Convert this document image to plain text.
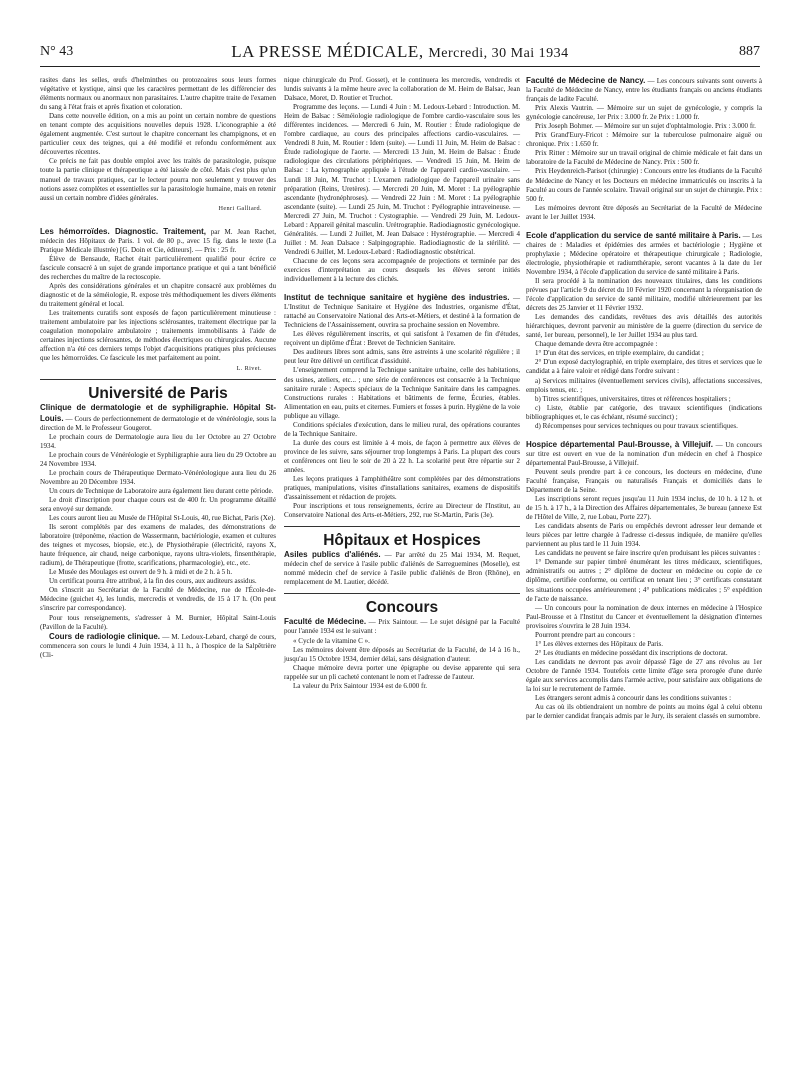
N° 43	LA PRESSE MÉDICALE, Mercredi, 30 Mai 1934	887

rasites dans les selles, œufs d'helminthes ou protozoaires sous leurs formes végétative et kystique, ainsi que les caractères permettant de les différencier des éléments normaux ou anormaux non parasitaires. L'autre chapitre traite de l'examen du sang à l'état frais et après fixation et coloration.

Dans cette nouvelle édition, on a mis au point un certain nombre de questions en tenant compte des acquisitions nouvelles depuis 1928. L'iconographie a été également augmentée. C'est surtout le chapitre concernant les champignons, et en particulier ceux des teignes, qui a été modifié et refondu conformément aux découvertes récentes.

Ce précis ne fait pas double emploi avec les traités de parasitologie, puisque toute la partie clinique et thérapeutique a été laissée de côté. Mais c'est plus qu'un manuel de travaux pratiques, car le lecteur pourra non seulement y trouver des notions assez complètes et essentielles sur la parasitologie humaine, mais en retenir aussi un certain nombre d'idées générales.

Henri Galliard.

Les hémorroïdes. Diagnostic. Traitement, par M. Jean Rachet, médecin des Hôpitaux de Paris. 1 vol. de 80 p., avec 15 fig. dans le texte (La Pratique Médicale illustrée) [G. Doin et Cie, éditeurs]. — Prix : 25 fr.

Élève de Bensaude, Rachet était particulièrement qualifié pour écrire ce fascicule consacré à un sujet de grande importance pratique et qui a tant bénéficié des recherches du maître de la rectoscopie.

Après des considérations générales et un chapitre consacré aux problèmes du diagnostic et de la séméiologie, R. expose très méthodiquement les divers éléments du traitement général et local.

Les traitements curatifs sont exposés de façon particulièrement minutieuse : traitement ambulatoire par les injections sclérosantes, traitement électrique par la coagulation monopolaire ambulatoire ; traitements immobilisants à l'aide de certaines injections sclérosantes, de méthodes électriques ou chirurgicales. Aucune affection n'a été ces derniers temps l'objet d'acquisitions pratiques plus précieuses que les hémorroïdes. Ce fascicule les met parfaitement au point.

L. Rivet.

Université de Paris

Clinique de dermatologie et de syphiligraphie. Hôpital St-Louis. — Cours de perfectionnement de dermatologie et de vénéréologie, sous la direction de M. le Professeur Gougerot.

Le prochain cours de Dermatologie aura lieu du 1er Octobre au 27 Octobre 1934.

Le prochain cours de Vénéréologie et Syphiligraphie aura lieu du 29 Octobre au 24 Novembre 1934.

Le prochain cours de Thérapeutique Dermato-Vénéréologique aura lieu du 26 Novembre au 20 Décembre 1934.

Un cours de Technique de Laboratoire aura également lieu durant cette période.

Le droit d'inscription pour chaque cours est de 400 fr. Un programme détaillé sera envoyé sur demande.

Les cours auront lieu au Musée de l'Hôpital St-Louis, 40, rue Bichat, Paris (Xe).

Ils seront complétés par des examens de malades, des démonstrations de laboratoire (tréponème, réaction de Wassermann, bactériologie, examen et cultures des teignes et mycoses, biopsie, etc.), de Physiothérapie (électricité, rayons X, haute fréquence, air chaud, neige carbonique, rayons ultra-violets, finsenthérapie, radium), de Thérapeutique (frotte, scarifications, pharmacologie), etc., etc.

Le Musée des Moulages est ouvert de 9 h. à midi et de 2 h. à 5 h.

Un certificat pourra être attribué, à la fin des cours, aux auditeurs assidus.

On s'inscrit au Secrétariat de la Faculté de Médecine, rue de l'École-de-Médecine (guichet 4), les lundis, mercredis et vendredis, de 15 à 17 h. (On peut s'inscrire par correspondance).

Pour tous renseignements, s'adresser à M. Burnier, Hôpital Saint-Louis (Pavillon de la Faculté).

Cours de radiologie clinique. — M. Ledoux-Lebard, chargé de cours, commencera son cours le lundi 4 Juin 1934, à 11 h., à l'hospice de la Salpêtrière (Cli-

nique chirurgicale du Prof. Gosset), et le continuera les mercredis, vendredis et lundis suivants à la même heure avec la collaboration de M. Heim de Balsac, Jean Dalsace, Moret, D. Routier et Truchot.

Programme des leçons. — Lundi 4 Juin : M. Ledoux-Lebard : Introduction. M. Heim de Balsac : Séméiologie radiologique de l'ombre cardio-vasculaire sous les différentes incidences. — Mercredi 6 Juin, M. Routier : Étude radiologique de l'ombre cardiaque, au cours des principales affections cardio-vasculaires. — Vendredi 8 Juin, M. Routier : Idem (suite). — Lundi 11 Juin, M. Heim de Balsac : Étude radiologique de l'aorte. — Mercredi 13 Juin, M. Heim de Balsac : Étude radiologique des circulations périphériques. — Vendredi 15 Juin, M. Heim de Balsac : La kymographie appliquée à l'étude de l'appareil cardio-vasculaire. — Lundi 18 Juin, M. Truchot : L'examen radiologique de l'appareil urinaire sans préparation (Reins, Uretères). — Mercredi 20 Juin, M. Moret : La pyélographie ascendante (hydronéphroses). — Vendredi 22 Juin : M. Moret : La pyélographie ascendante (suite). — Lundi 25 Juin, M. Truchot : Pyélographie intraveineuse. — Mercredi 27 Juin, M. Truchot : Cystographie. — Vendredi 29 Juin, M. Ledoux-Lebard : Appareil génital masculin. Urétrographie. Radiodiagnostic gynécologique. Généralités. — Lundi 2 Juillet, M. Jean Dalsace : Hystérographie. — Mercredi 4 Juillet : M. Jean Dalsace : Salpingographie. Radiodiagnostic de la stérilité. — Vendredi 6 Juillet, M. Ledoux-Lebard : Radiodiagnostic obstétrical.

Chacune de ces leçons sera accompagnée de projections et terminée par des exercices d'interprétation au cours desquels les élèves seront initiés individuellement à la lecture des clichés.

Institut de technique sanitaire et hygiène des industries. — L'Institut de Technique Sanitaire et Hygiène des Industries, organisme d'État, rattaché au Conservatoire National des Arts-et-Métiers, et destiné à la formation de Techniciens de l'Assainissement, ouvrira sa prochaine session en Novembre.

Les élèves régulièrement inscrits, et qui satisfont à l'examen de fin d'études, reçoivent un diplôme d'État : Brevet de Technicien Sanitaire.

Des auditeurs libres sont admis, sans être astreints à une scolarité régulière ; il peut leur être délivré un certificat d'assiduité.

L'enseignement comprend la Technique sanitaire urbaine, celle des habitations, des usines, ateliers, etc... ; une série de conférences est consacrée à la Technique sanitaire rurale : Aspects spéciaux de la Technique Sanitaire dans les campagnes. Constructions rurales : Habitations et bâtiments de ferme, Écuries, étables. Alimentation en eau, puits et citernes. Fumiers et fosses à purin. Hygiène de la voie publique au village.

Conditions spéciales d'exécution, dans le milieu rural, des opérations courantes de la Technique Sanitaire.

La durée des cours est limitée à 4 mois, de façon à permettre aux élèves de province de les suivre, sans séjourner trop longtemps à Paris. La plupart des cours et conférences ont lieu le soir de 20 à 22 h. La scolarité peut être répartie sur 2 années.

Les leçons pratiques à l'amphithéâtre sont complétées par des démonstrations pratiques, manipulations, visites d'installations sanitaires, examens de dispositifs d'assainissement et rédaction de projets.

Pour inscriptions et tous renseignements, écrire au Directeur de l'Institut, au Conservatoire National des Arts-et-Métiers, 292, rue St-Martin, Paris (3e).

Hôpitaux et Hospices

Asiles publics d'aliénés. — Par arrêté du 25 Mai 1934, M. Requet, médecin chef de service à l'asile public d'aliénés de Sarreguemines (Moselle), est nommé médecin chef de service à l'asile public d'aliénés de Bron (Rhône), en remplacement de M. Lautier, décédé.

Concours

Faculté de Médecine. — Prix Saintour. — Le sujet désigné par la Faculté pour l'année 1934 est le suivant :

« Cycle de la vitamine C ».

Les mémoires doivent être déposés au Secrétariat de la Faculté, de 14 à 16 h., jusqu'au 15 Octobre 1934, dernier délai, sans désignation d'auteur.

Chaque mémoire devra porter une épigraphe ou devise apparente qui sera rappelée sur un pli cacheté contenant le nom et l'adresse de l'auteur.

La valeur du Prix Saintour 1934 est de 6.000 fr.

Faculté de Médecine de Nancy. — Les concours suivants sont ouverts à la Faculté de Médecine de Nancy, entre les étudiants français ou anciens étudiants français de ladite Faculté.

Prix Alexis Vautrin. — Mémoire sur un sujet de gynécologie, y compris la gynécologie cancéreuse, 1er Prix : 3.000 fr. 2e Prix : 1.000 fr.

Prix Joseph Bohmer. — Mémoire sur un sujet d'ophtalmologie. Prix : 3.000 fr.

Prix Grand'Eury-Fricot : Mémoire sur la tuberculose pulmonaire aiguë ou chronique. Prix : 1.650 fr.

Prix Ritter : Mémoire sur un travail original de chimie médicale et fait dans un laboratoire de la Faculté de Médecine de Nancy. Prix : 500 fr.

Prix Heydenreich-Parisot (chirurgie) : Concours entre les étudiants de la Faculté de Médecine de Nancy et les Docteurs en médecine immatriculés ou inscrits à la Faculté au cours de l'année scolaire. Travail original sur un sujet de chirurgie. Prix : 500 fr.

Les mémoires devront être déposés au Secrétariat de la Faculté de Médecine avant le 1er Juillet 1934.

Ecole d'application du service de santé militaire à Paris. — Les chaires de : Maladies et épidémies des armées et bactériologie ; Hygiène et prophylaxie ; Médecine opératoire et thérapeutique chirurgicale ; Radiologie, électrologie, physiothérapie et radiumthérapie, seront vacantes à la date du 1er Novembre 1934, à l'école d'application du service de santé militaire à Paris.

Il sera procédé à la nomination des nouveaux titulaires, dans les conditions prévues par l'article 9 du décret du 10 Février 1920 concernant la réorganisation de l'école d'application du service de santé militaire, modifié ultérieurement par les décrets des 25 Janvier et 11 Février 1932.

Les demandes des candidats, revêtues des avis détaillés des autorités hiérarchiques, devront parvenir au ministère de la guerre (direction du service de santé, 1er bureau, personnel), le 1er Juillet 1934 au plus tard.

Chaque demande devra être accompagnée :

1° D'un état des services, en triple exemplaire, du candidat ;

2° D'un exposé dactylographié, en triple exemplaire, des titres et services que le candidat a à faire valoir et rédigé dans l'ordre suivant :

a) Services militaires (éventuellement services civils), affectations successives, emplois tenus, etc. ;

b) Titres scientifiques, universitaires, titres et références hospitaliers ;

c) Liste, établie par catégorie, des travaux scientifiques (indications bibliographiques et, le cas échéant, résumé succinct) ;

d) Récompenses pour services techniques ou pour travaux scientifiques.

Hospice départemental Paul-Brousse, à Villejuif. — Un concours sur titre est ouvert en vue de la nomination d'un médecin en chef à l'hospice départemental Paul-Brousse, à Villejuif.

Peuvent seuls prendre part à ce concours, les docteurs en médecine, d'une Faculté française, Français ou naturalisés Français et domiciliés dans le Département de la Seine.

Les inscriptions seront reçues jusqu'au 11 Juin 1934 inclus, de 10 h. à 12 h. et de 15 h. à 17 h., à la Direction des Affaires départementales, 3e bureau (annexe Est de l'Hôtel de Ville, 2, rue Lobau, Porte 227).

Les candidats absents de Paris ou empêchés devront adresser leur demande et leurs pièces par lettre chargée à l'adresse ci-dessus indiquée, de manière qu'elles parviennent au plus tard le 11 Juin 1934.

Les candidats ne peuvent se faire inscrire qu'en produisant les pièces suivantes :

1° Demande sur papier timbré énumérant les titres médicaux, scientifiques, administratifs ou autres ; 2° diplôme de docteur en médecine ou copie de ce diplôme, certifiée conforme, ou certificat en tenant lieu ; 3° certificats constatant les situations occupées antérieurement ; 4° publications médicales ; 5° expédition de l'acte de naissance.

— Un concours pour la nomination de deux internes en médecine à l'Hospice Paul-Brousse et à l'Institut du Cancer et éventuellement la désignation d'internes provisoires s'ouvrira le 28 Juin 1934.

Pourront prendre part au concours :

1° Les élèves externes des Hôpitaux de Paris.

2° Les étudiants en médecine possédant dix inscriptions de doctorat.

Les candidats ne devront pas avoir dépassé l'âge de 27 ans révolus au 1er Octobre de l'année 1934. Toutefois cette limite d'âge sera prorogée d'une durée égale aux services accomplis dans l'armée active, pour satisfaire aux obligations de la loi sur le recrutement de l'armée.

Les étrangers seront admis à concourir dans les conditions suivantes :

Au cas où ils obtiendraient un nombre de points au moins égal à celui obtenu par le dernier candidat français admis par le Jury, ils seraient classés en surnombre.
